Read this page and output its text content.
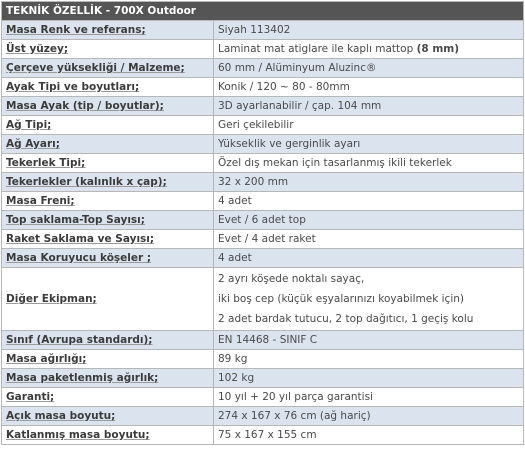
TEKNİK ÖZELLİK - 700X Outdoor	
Masa Renk ve referans;	Siyah 113402
Üst yüzey;	Laminat mat atiglare ile kaplı mattop (8 mm)
Çerçeve yüksekliği / Malzeme;	60 mm / Alüminyum Aluzinc®
Ayak Tipi ve boyutları;	Konik / 120 ~ 80 - 80mm
Masa Ayak (tip / boyutlar);	3D ayarlanabilir / çap. 104 mm
Ağ Tipi;	Geri çekilebilir
Ağ Ayarı;	Yükseklik ve gerginlik ayarı
Tekerlek Tipi;	Özel dış mekan için tasarlanmış ikili tekerlek
Tekerlekler (kalınlık x çap);	32 x 200 mm
Masa Freni;	4 adet
Top saklama-Top Sayısı;	Evet / 6 adet top
Raket Saklama ve Sayısı;	Evet / 4 adet raket
Masa Koruyucu köşeler ;	4 adet
Diğer Ekipman;	2 ayrı köşede noktalı sayaç,
iki boş cep (küçük eşyalarınızı koyabilmek için)
2 adet bardak tutucu, 2 top dağıtıcı, 1 geçiş kolu

Sınıf (Avrupa standardı);	EN 14468 - SINIF C
Masa ağırlığı;	89 kg
Masa paketlenmiş ağırlık;	102 kg
Garanti;	10 yıl + 20 yıl parça garantisi
Açık masa boyutu;	274 x 167 x 76 cm (ağ hariç)
Katlanmış masa boyutu;	75 x 167 x 155 cm
